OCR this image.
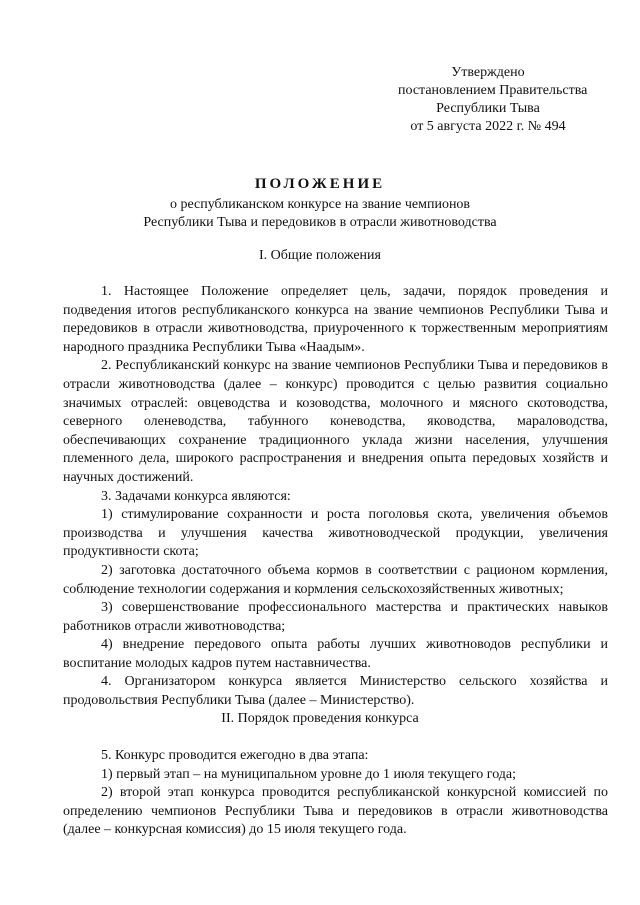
Утверждено
постановлением Правительства
Республики Тыва
от 5 августа 2022 г. № 494
ПОЛОЖЕНИЕ
о республиканском конкурсе на звание чемпионов
Республики Тыва и передовиков в отрасли животноводства
I. Общие положения

1. Настоящее Положение определяет цель, задачи, порядок проведения и подведения итогов республиканского конкурса на звание чемпионов Республики Тыва и передовиков в отрасли животноводства, приуроченного к торжественным мероприятиям народного праздника Республики Тыва «Наадым».

2. Республиканский конкурс на звание чемпионов Республики Тыва и передовиков в отрасли животноводства (далее – конкурс) проводится с целью развития социально значимых отраслей: овцеводства и козоводства, молочного и мясного скотоводства, северного оленеводства, табунного коневодства, яководства, мараловодства, обеспечивающих сохранение традиционного уклада жизни населения, улучшения племенного дела, широкого распространения и внедрения опыта передовых хозяйств и научных достижений.

3. Задачами конкурса являются:

1) стимулирование сохранности и роста поголовья скота, увеличения объемов производства и улучшения качества животноводческой продукции, увеличения продуктивности скота;

2) заготовка достаточного объема кормов в соответствии с рационом кормления, соблюдение технологии содержания и кормления сельскохозяйственных животных;

3) совершенствование профессионального мастерства и практических навыков работников отрасли животноводства;

4) внедрение передового опыта работы лучших животноводов республики и воспитание молодых кадров путем наставничества.

4. Организатором конкурса является Министерство сельского хозяйства и продовольствия Республики Тыва (далее – Министерство).

II. Порядок проведения конкурса

5. Конкурс проводится ежегодно в два этапа:

1) первый этап – на муниципальном уровне до 1 июля текущего года;

2) второй этап конкурса проводится республиканской конкурсной комиссией по определению чемпионов Республики Тыва и передовиков в отрасли животноводства (далее – конкурсная комиссия) до 15 июля текущего года.
